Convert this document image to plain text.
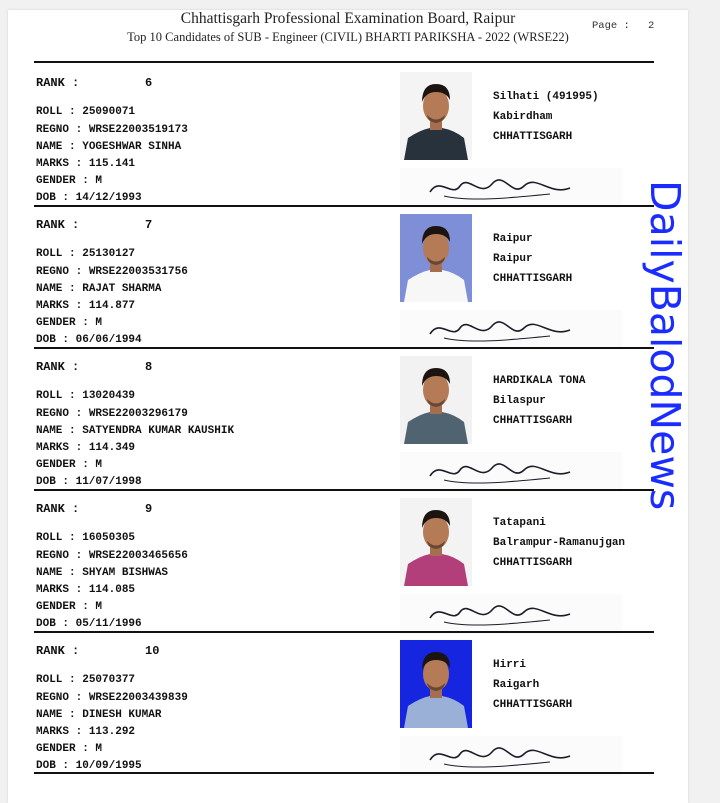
Chhattisgarh Professional Examination Board, Raipur
Top 10 Candidates of SUB - Engineer (CIVIL) BHARTI PARIKSHA - 2022 (WRSE22)
Page : 2
RANK :	6
ROLL : 25090071
REGNO : WRSE22003519173
NAME : YOGESHWAR SINHA
MARKS : 115.141
GENDER : M
DOB : 14/12/1993
Silhati (491995)
Kabirdham
CHHATTISGARH
RANK :	7
ROLL : 25130127
REGNO : WRSE22003531756
NAME : RAJAT SHARMA
MARKS : 114.877
GENDER : M
DOB : 06/06/1994
Raipur
Raipur
CHHATTISGARH
RANK :	8
ROLL : 13020439
REGNO : WRSE22003296179
NAME : SATYENDRA KUMAR KAUSHIK
MARKS : 114.349
GENDER : M
DOB : 11/07/1998
HARDIKALA TONA
Bilaspur
CHHATTISGARH
RANK :	9
ROLL : 16050305
REGNO : WRSE22003465656
NAME : SHYAM BISHWAS
MARKS : 114.085
GENDER : M
DOB : 05/11/1996
Tatapani
Balrampur-Ramanujgan
CHHATTISGARH
RANK :	10
ROLL : 25070377
REGNO : WRSE22003439839
NAME : DINESH KUMAR
MARKS : 113.292
GENDER : M
DOB : 10/09/1995
Hirri
Raigarh
CHHATTISGARH
DailyBalodNews
